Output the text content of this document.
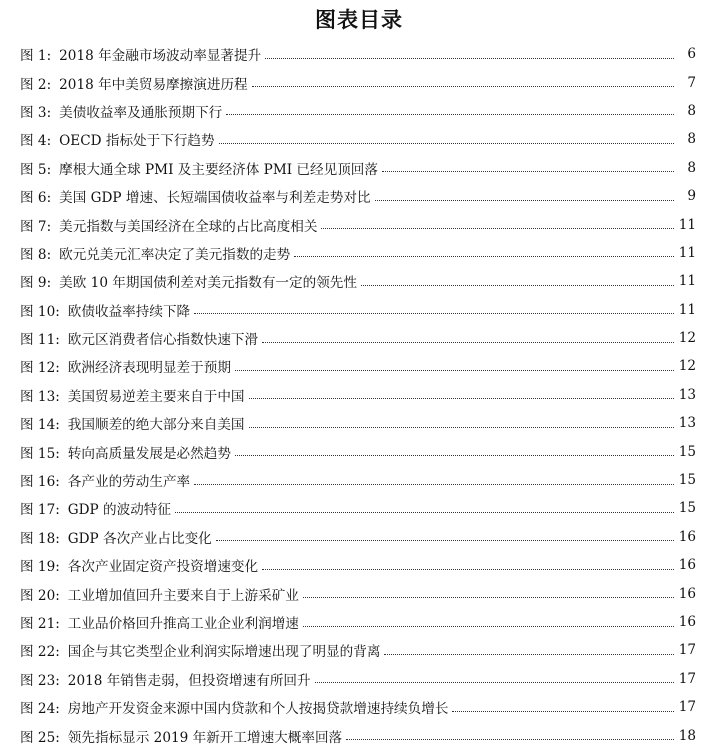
图表目录
图 1: 2018 年金融市场波动率显著提升	6
图 2: 2018 年中美贸易摩擦演进历程	7
图 3: 美债收益率及通胀预期下行	8
图 4: OECD 指标处于下行趋势	8
图 5: 摩根大通全球 PMI 及主要经济体 PMI 已经见顶回落	8
图 6: 美国 GDP 增速、长短端国债收益率与利差走势对比	9
图 7: 美元指数与美国经济在全球的占比高度相关	11
图 8: 欧元兑美元汇率决定了美元指数的走势	11
图 9: 美欧 10 年期国债利差对美元指数有一定的领先性	11
图 10: 欧债收益率持续下降	11
图 11: 欧元区消费者信心指数快速下滑	12
图 12: 欧洲经济表现明显差于预期	12
图 13: 美国贸易逆差主要来自于中国	13
图 14: 我国顺差的绝大部分来自美国	13
图 15: 转向高质量发展是必然趋势	15
图 16: 各产业的劳动生产率	15
图 17: GDP 的波动特征	15
图 18: GDP 各次产业占比变化	16
图 19: 各次产业固定资产投资增速变化	16
图 20: 工业增加值回升主要来自于上游采矿业	16
图 21: 工业品价格回升推高工业企业利润增速	16
图 22: 国企与其它类型企业利润实际增速出现了明显的背离	17
图 23: 2018 年销售走弱，但投资增速有所回升	17
图 24: 房地产开发资金来源中国内贷款和个人按揭贷款增速持续负增长	17
图 25: 领先指标显示 2019 年新开工增速大概率回落	18
